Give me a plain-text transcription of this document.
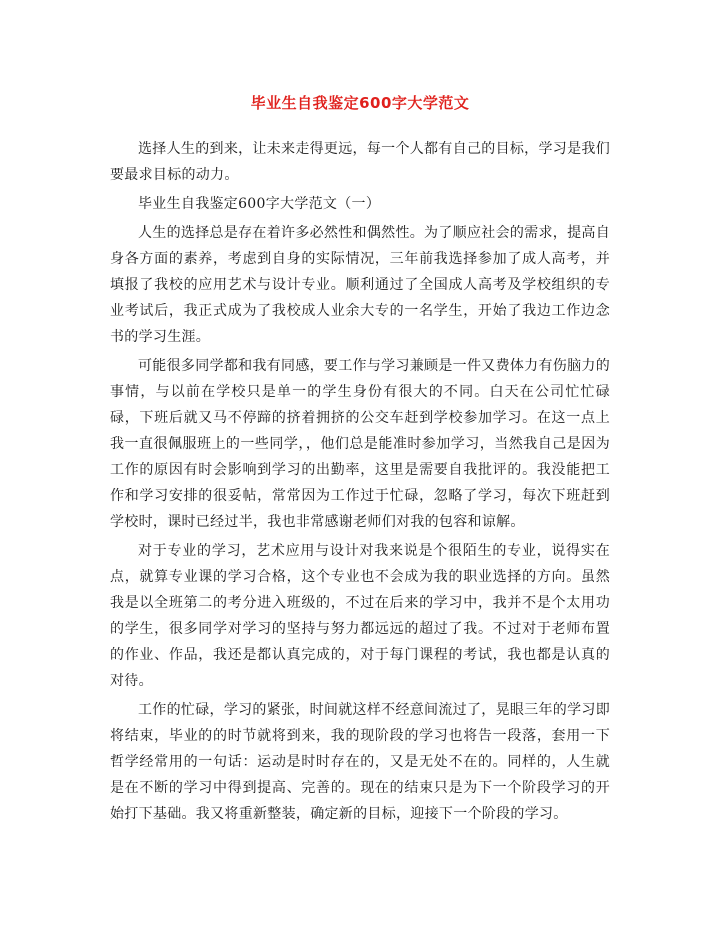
毕业生自我鉴定600字大学范文

选择人生的到来，让未来走得更远，每一个人都有自己的目标，学习是我们要最求目标的动力。

毕业生自我鉴定600字大学范文（一）

人生的选择总是存在着许多必然性和偶然性。为了顺应社会的需求，提高自身各方面的素养，考虑到自身的实际情况，三年前我选择参加了成人高考，并填报了我校的应用艺术与设计专业。顺利通过了全国成人高考及学校组织的专业考试后，我正式成为了我校成人业余大专的一名学生，开始了我边工作边念书的学习生涯。

可能很多同学都和我有同感，要工作与学习兼顾是一件又费体力有伤脑力的事情，与以前在学校只是单一的学生身份有很大的不同。白天在公司忙忙碌碌，下班后就又马不停蹄的挤着拥挤的公交车赶到学校参加学习。在这一点上我一直很佩服班上的一些同学，，他们总是能准时参加学习，当然我自己是因为工作的原因有时会影响到学习的出勤率，这里是需要自我批评的。我没能把工作和学习安排的很妥帖，常常因为工作过于忙碌，忽略了学习，每次下班赶到学校时，课时已经过半，我也非常感谢老师们对我的包容和谅解。

对于专业的学习，艺术应用与设计对我来说是个很陌生的专业，说得实在点，就算专业课的学习合格，这个专业也不会成为我的职业选择的方向。虽然我是以全班第二的考分进入班级的，不过在后来的学习中，我并不是个太用功的学生，很多同学对学习的坚持与努力都远远的超过了我。不过对于老师布置的作业、作品，我还是都认真完成的，对于每门课程的考试，我也都是认真的对待。

工作的忙碌，学习的紧张，时间就这样不经意间流过了，晃眼三年的学习即将结束，毕业的的时节就将到来，我的现阶段的学习也将告一段落，套用一下哲学经常用的一句话：运动是时时存在的，又是无处不在的。同样的，人生就是在不断的学习中得到提高、完善的。现在的结束只是为下一个阶段学习的开始打下基础。我又将重新整装，确定新的目标，迎接下一个阶段的学习。
